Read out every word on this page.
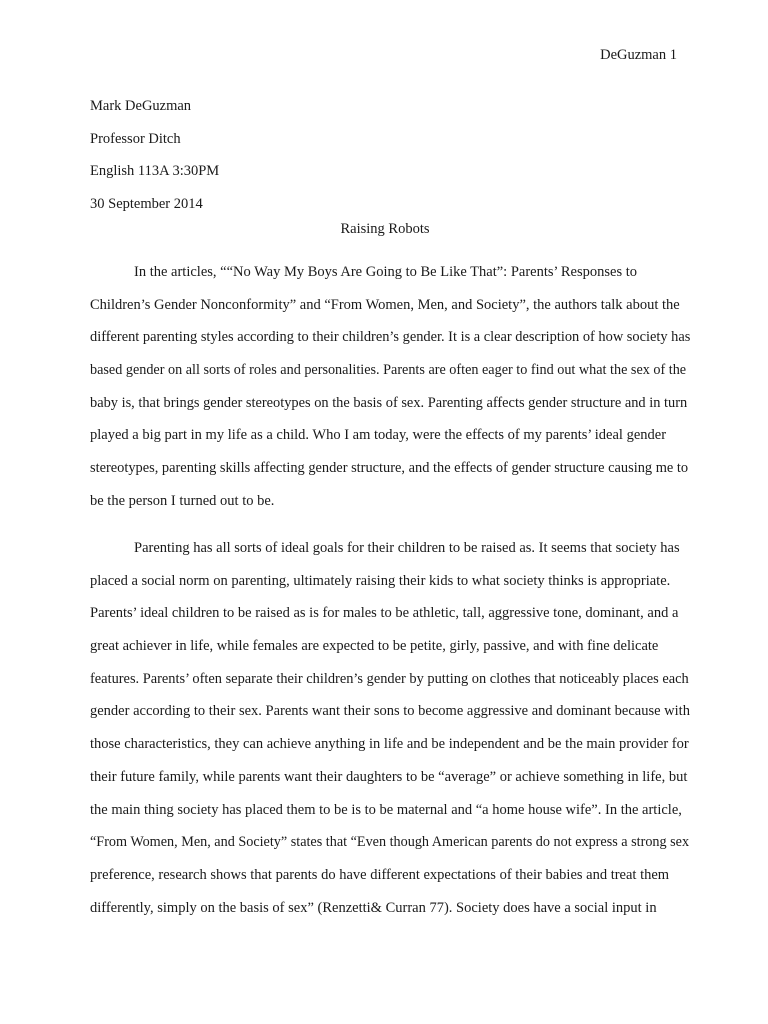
DeGuzman 1
Mark DeGuzman
Professor Ditch
English 113A 3:30PM
30 September 2014
Raising Robots
In the articles, ““No Way My Boys Are Going to Be Like That”: Parents’ Responses to
Children’s Gender Nonconformity” and “From Women, Men, and Society”, the authors talk about the
different parenting styles according to their children’s gender. It is a clear description of how society has
based gender on all sorts of roles and personalities. Parents are often eager to find out what the sex of the
baby is, that brings gender stereotypes on the basis of sex. Parenting affects gender structure and in turn
played a big part in my life as a child. Who I am today, were the effects of my parents’ ideal gender
stereotypes, parenting skills affecting gender structure, and the effects of gender structure causing me to
be the person I turned out to be.
Parenting has all sorts of ideal goals for their children to be raised as. It seems that society has
placed a social norm on parenting, ultimately raising their kids to what society thinks is appropriate.
Parents’ ideal children to be raised as is for males to be athletic, tall, aggressive tone, dominant, and a
great achiever in life, while females are expected to be petite, girly, passive, and with fine delicate
features. Parents’ often separate their children’s gender by putting on clothes that noticeably places each
gender according to their sex. Parents want their sons to become aggressive and dominant because with
those characteristics, they can achieve anything in life and be independent and be the main provider for
their future family, while parents want their daughters to be “average” or achieve something in life, but
the main thing society has placed them to be is to be maternal and “a home house wife”. In the article,
“From Women, Men, and Society” states that “Even though American parents do not express a strong sex
preference, research shows that parents do have different expectations of their babies and treat them
differently, simply on the basis of sex” (Renzetti& Curran 77). Society does have a social input in
